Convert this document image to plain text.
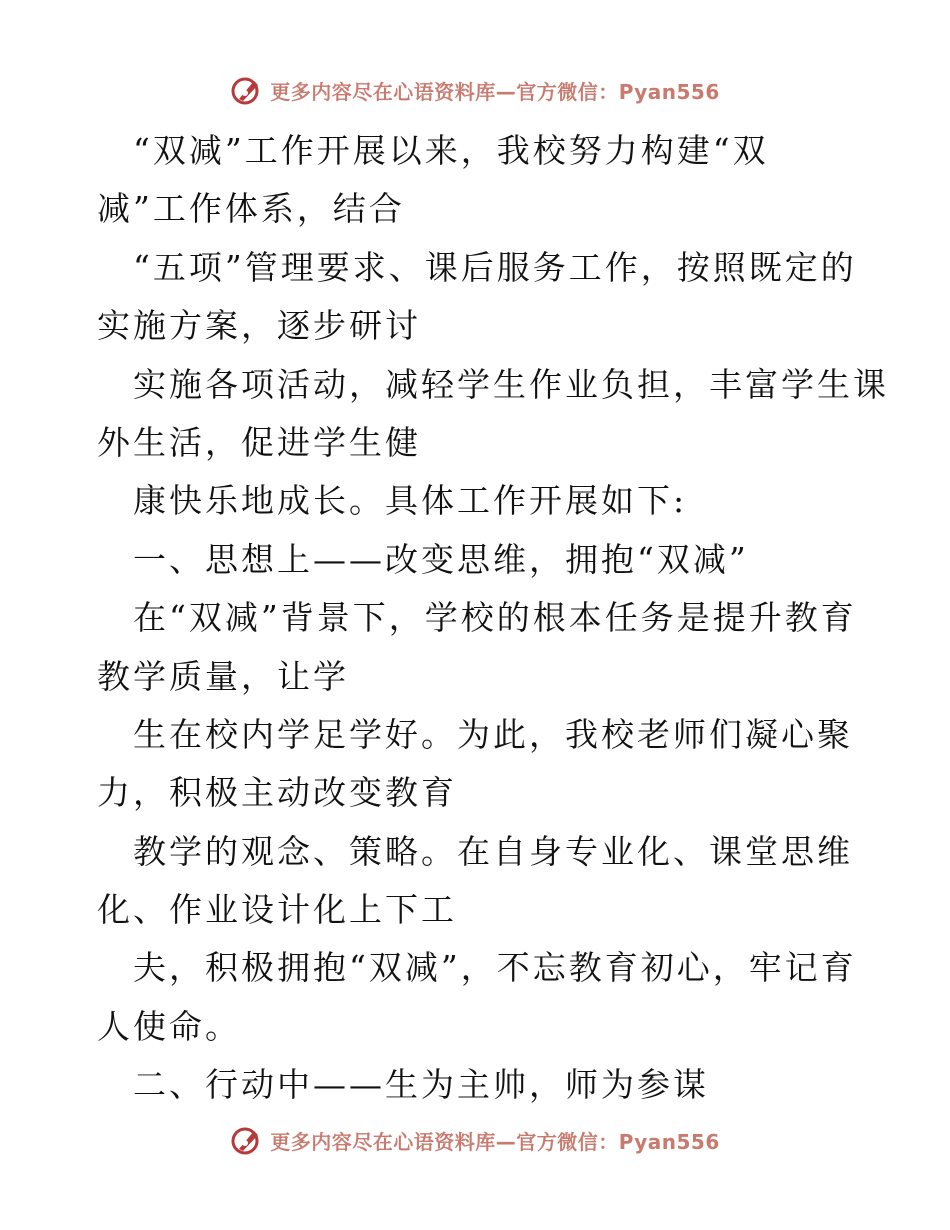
更多内容尽在心语资料库—官方微信：Pyan556
“双减”工作开展以来，我校努力构建“双
减”工作体系，结合
“五项”管理要求、课后服务工作，按照既定的
实施方案，逐步研讨
实施各项活动，减轻学生作业负担，丰富学生课
外生活，促进学生健
康快乐地成长。具体工作开展如下:
一、思想上——改变思维，拥抱“双减”
在“双减”背景下，学校的根本任务是提升教育
教学质量，让学
生在校内学足学好。为此，我校老师们凝心聚
力，积极主动改变教育
教学的观念、策略。在自身专业化、课堂思维
化、作业设计化上下工
夫，积极拥抱“双减”，不忘教育初心，牢记育
人使命。
二、行动中——生为主帅，师为参谋
更多内容尽在心语资料库—官方微信：Pyan556
